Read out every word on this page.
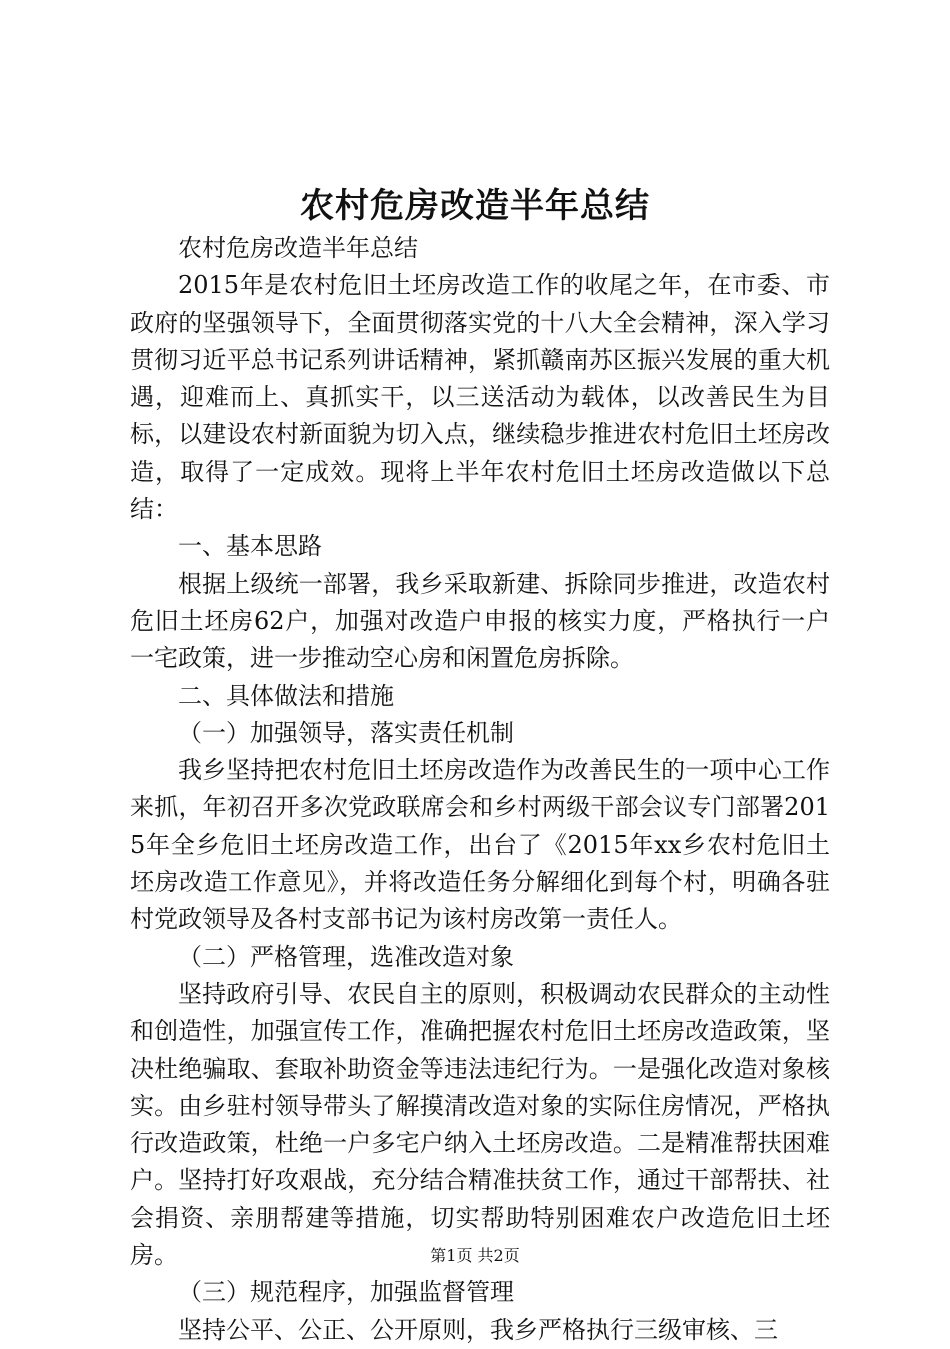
农村危房改造半年总结

农村危房改造半年总结

2015年是农村危旧土坯房改造工作的收尾之年，在市委、市政府的坚强领导下，全面贯彻落实党的十八大全会精神，深入学习贯彻习近平总书记系列讲话精神，紧抓赣南苏区振兴发展的重大机遇，迎难而上、真抓实干，以三送活动为载体，以改善民生为目标，以建设农村新面貌为切入点，继续稳步推进农村危旧土坯房改造，取得了一定成效。现将上半年农村危旧土坯房改造做以下总结：

一、基本思路

根据上级统一部署，我乡采取新建、拆除同步推进，改造农村危旧土坯房62户，加强对改造户申报的核实力度，严格执行一户一宅政策，进一步推动空心房和闲置危房拆除。

二、具体做法和措施

（一）加强领导，落实责任机制

我乡坚持把农村危旧土坯房改造作为改善民生的一项中心工作来抓，年初召开多次党政联席会和乡村两级干部会议专门部署2015年全乡危旧土坯房改造工作，出台了《2015年xx乡农村危旧土坯房改造工作意见》，并将改造任务分解细化到每个村，明确各驻村党政领导及各村支部书记为该村房改第一责任人。

（二）严格管理，选准改造对象

坚持政府引导、农民自主的原则，积极调动农民群众的主动性和创造性，加强宣传工作，准确把握农村危旧土坯房改造政策，坚决杜绝骗取、套取补助资金等违法违纪行为。一是强化改造对象核实。由乡驻村领导带头了解摸清改造对象的实际住房情况，严格执行改造政策，杜绝一户多宅户纳入土坯房改造。二是精准帮扶困难户。坚持打好攻艰战，充分结合精准扶贫工作，通过干部帮扶、社会捐资、亲朋帮建等措施，切实帮助特别困难农户改造危旧土坯房。

（三）规范程序，加强监督管理

坚持公平、公正、公开原则，我乡严格执行三级审核、三

第1页 共2页
